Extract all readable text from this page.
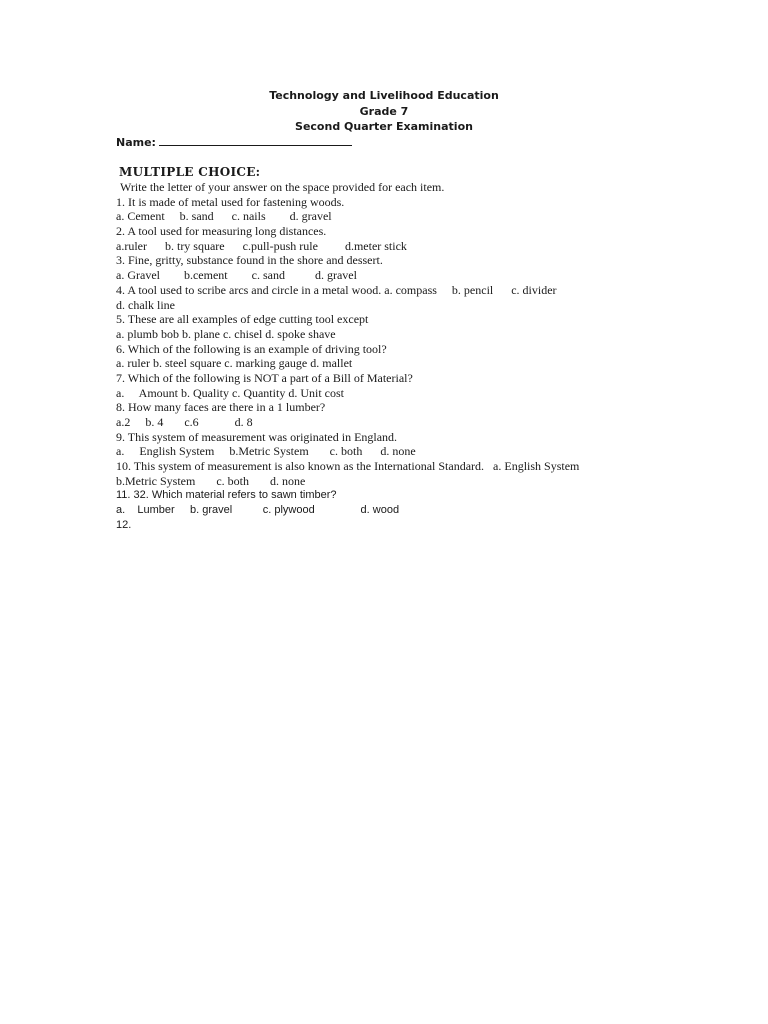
Technology and Livelihood Education
Grade 7
Second Quarter Examination
Name:
MULTIPLE CHOICE:
Write the letter of your answer on the space provided for each item.
1. It is made of metal used for fastening woods.
a. Cement     b. sand      c. nails        d. gravel
2. A tool used for measuring long distances.
a.ruler      b. try square      c.pull-push rule         d.meter stick
3. Fine, gritty, substance found in the shore and dessert.
a. Gravel        b.cement        c. sand          d. gravel
4. A tool used to scribe arcs and circle in a metal wood. a. compass     b. pencil      c. divider
d. chalk line
5. These are all examples of edge cutting tool except
a. plumb bob b. plane c. chisel d. spoke shave
6. Which of the following is an example of driving tool?
a. ruler b. steel square c. marking gauge d. mallet
7. Which of the following is NOT a part of a Bill of Material?
a.     Amount b. Quality c. Quantity d. Unit cost
8. How many faces are there in a 1 lumber?
a.2     b. 4       c.6            d. 8
9. This system of measurement was originated in England.
a.     English System     b.Metric System       c. both      d. none
10. This system of measurement is also known as the International Standard.   a. English System
b.Metric System       c. both       d. none
11. 32. Which material refers to sawn timber?
a.    Lumber     b. gravel          c. plywood               d. wood
12.
